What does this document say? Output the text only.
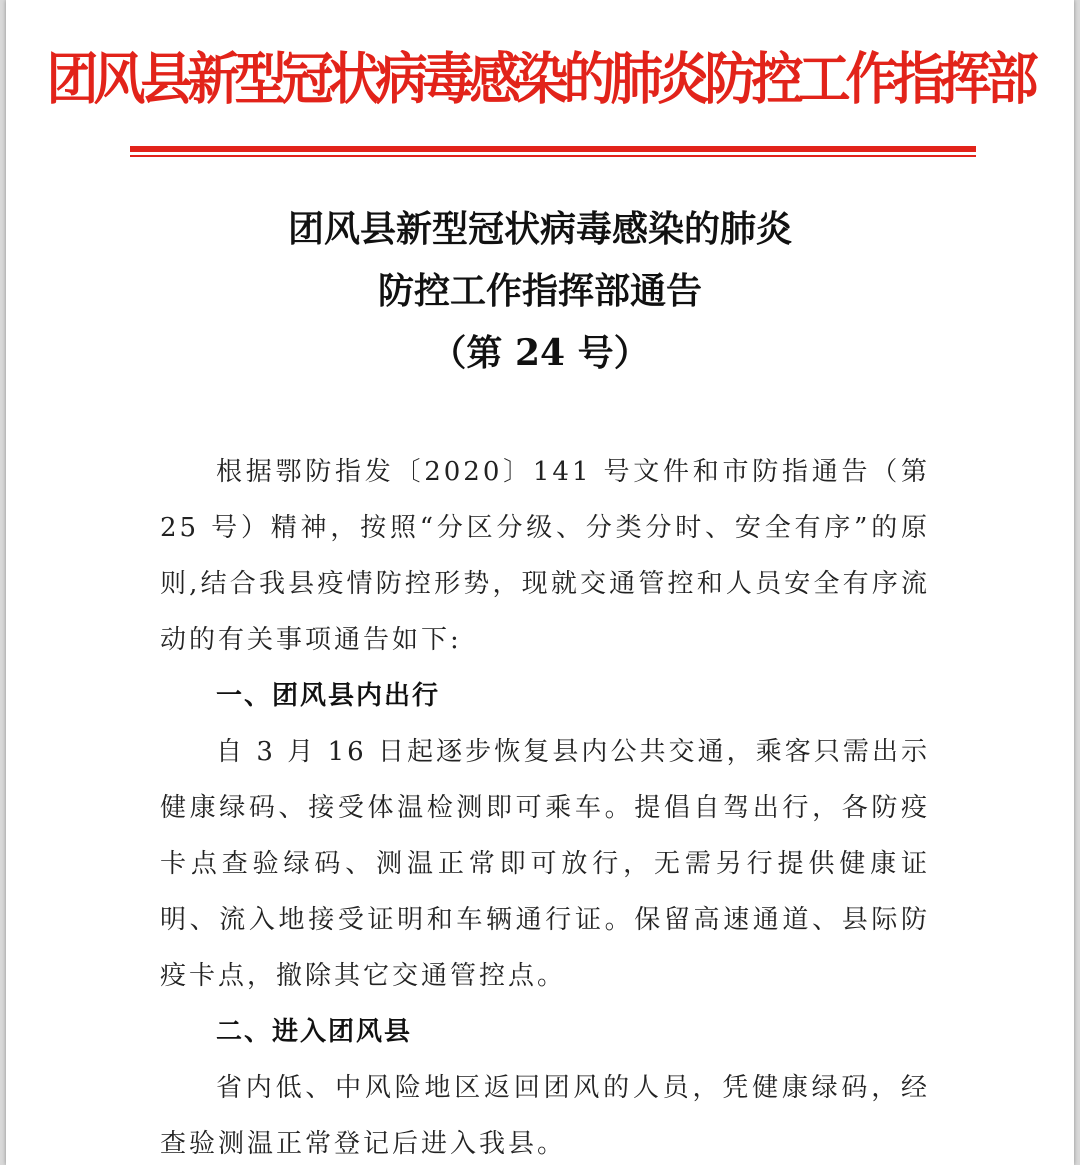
团风县新型冠状病毒感染的肺炎防控工作指挥部
团风县新型冠状病毒感染的肺炎
防控工作指挥部通告
（第 24 号）

根据鄂防指发〔2020〕141 号文件和市防指通告（第 25 号）精神，按照“分区分级、分类分时、安全有序”的原则,结合我县疫情防控形势，现就交通管控和人员安全有序流动的有关事项通告如下:

一、团风县内出行

自 3 月 16 日起逐步恢复县内公共交通，乘客只需出示健康绿码、接受体温检测即可乘车。提倡自驾出行，各防疫卡点查验绿码、测温正常即可放行，无需另行提供健康证明、流入地接受证明和车辆通行证。保留高速通道、县际防疫卡点，撤除其它交通管控点。

二、进入团风县

省内低、中风险地区返回团风的人员，凭健康绿码，经查验测温正常登记后进入我县。
